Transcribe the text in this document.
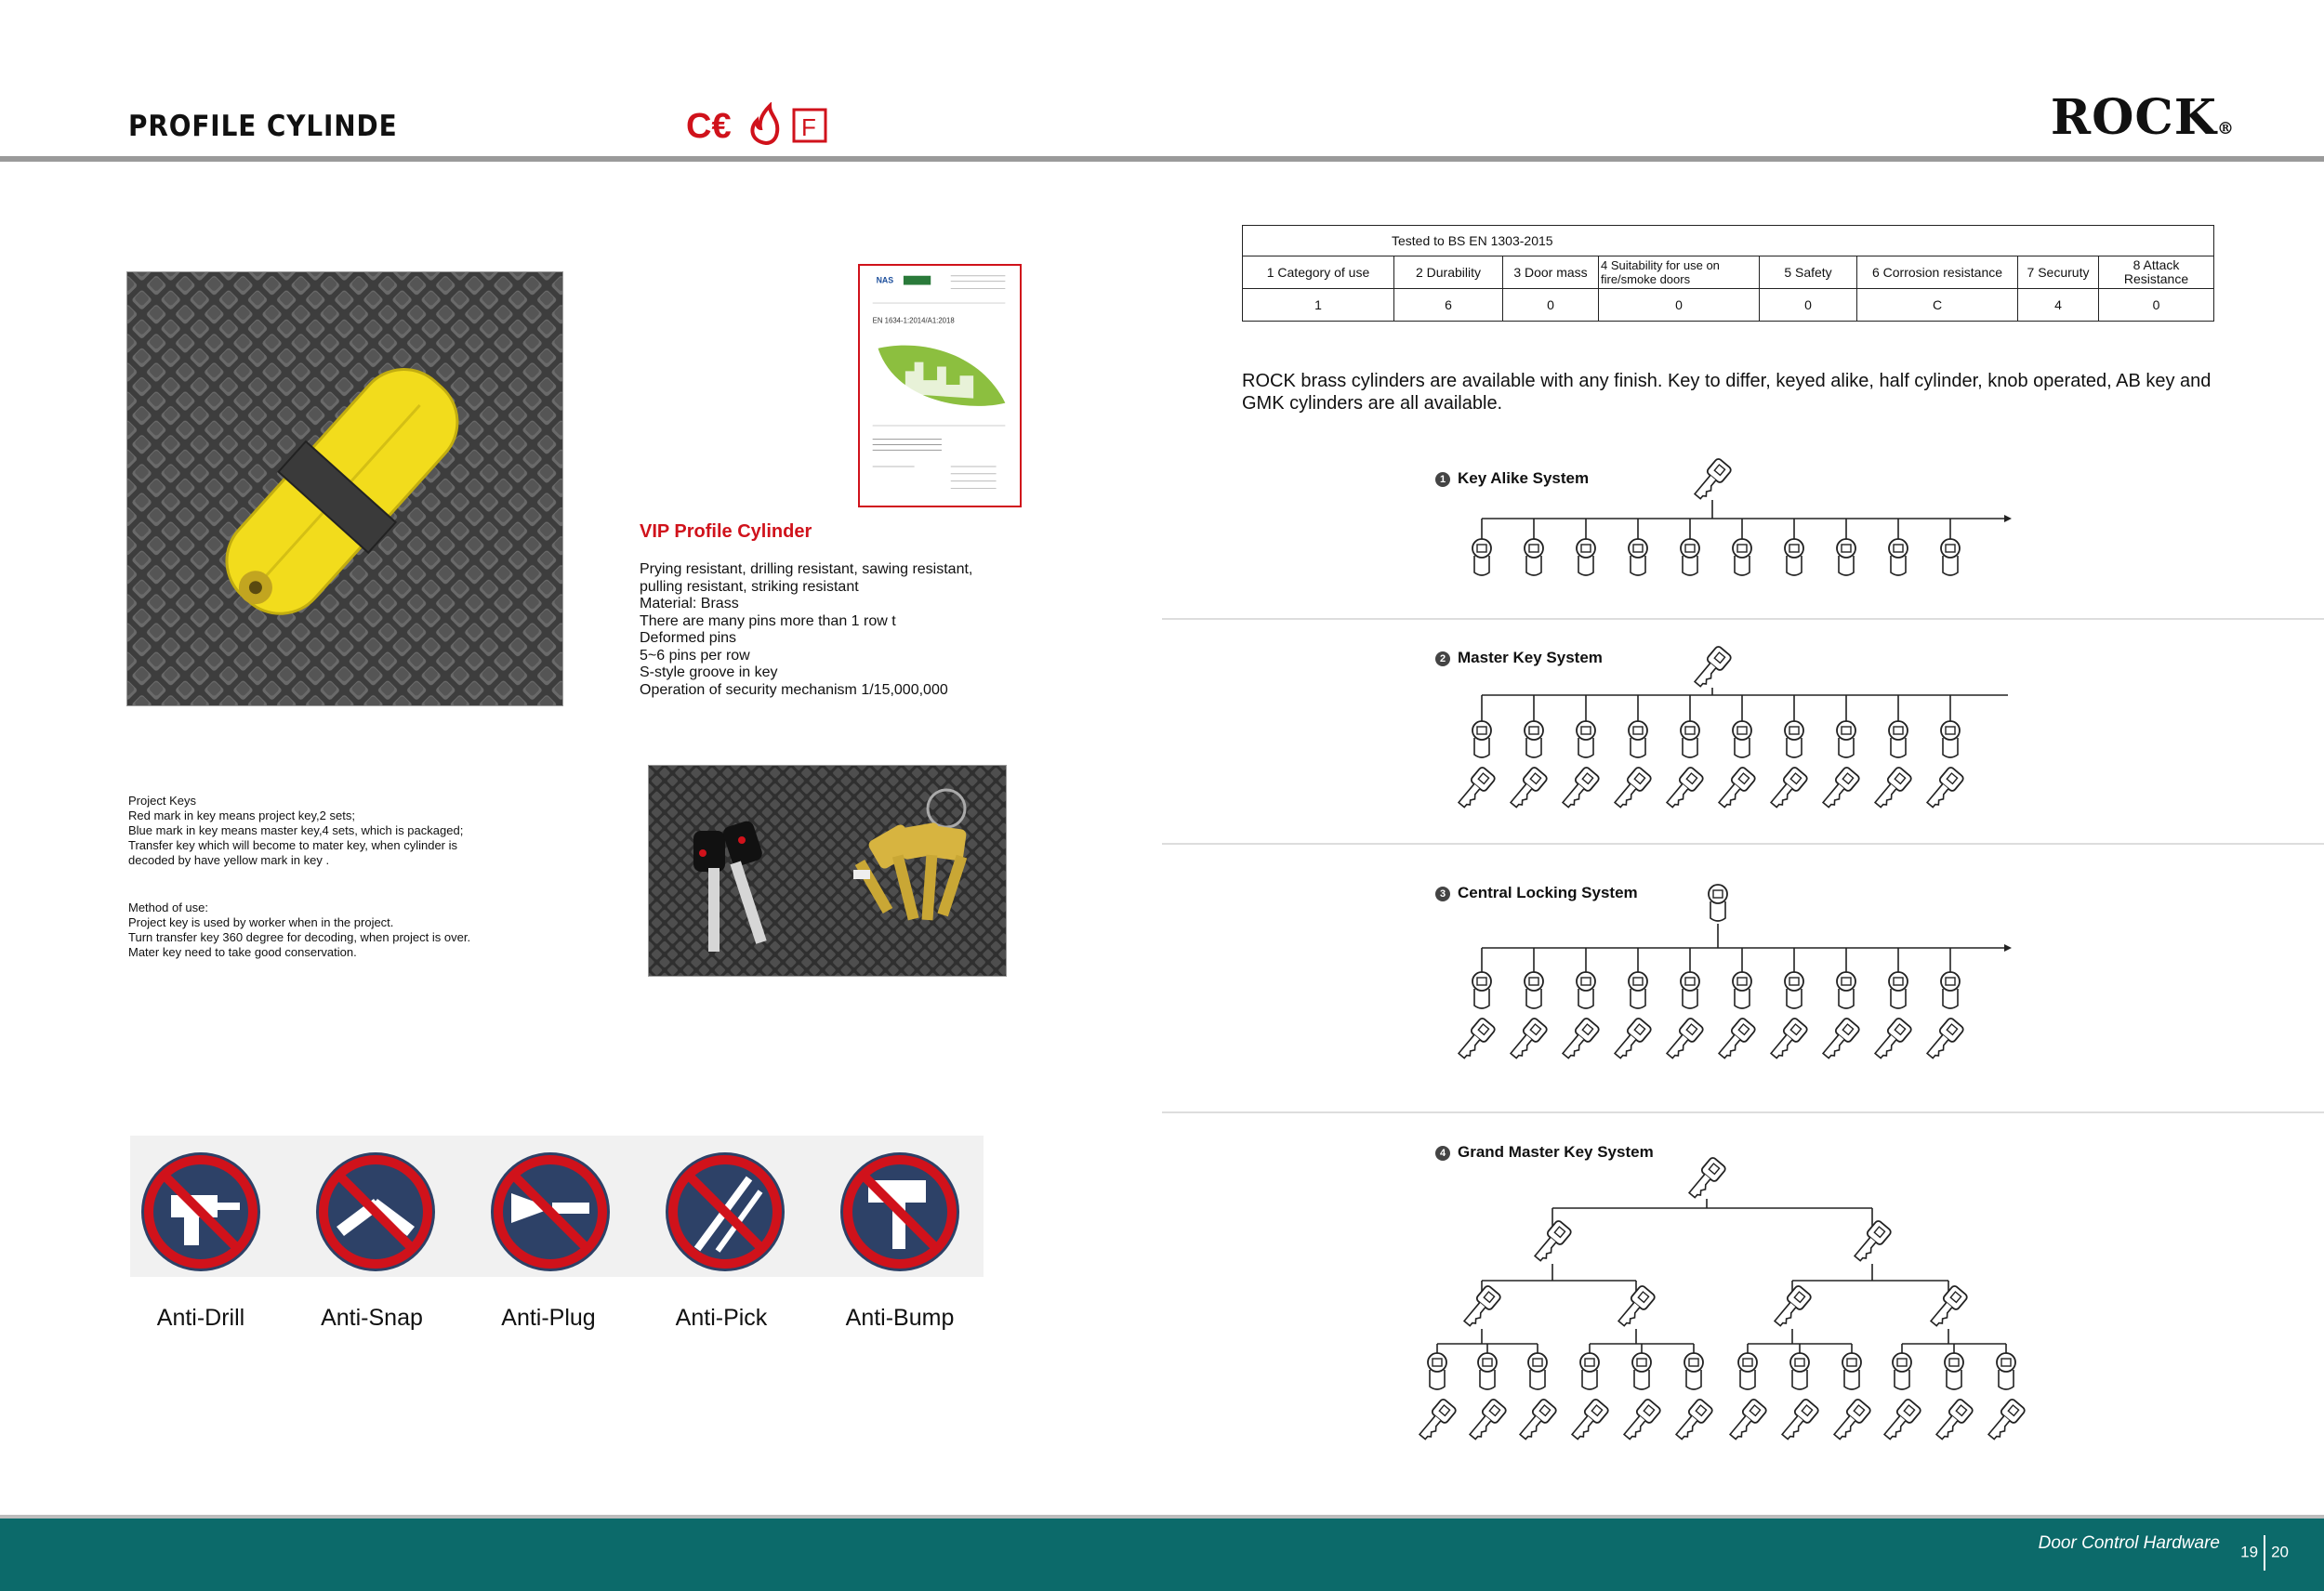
PROFILE CYLINDE	C€	F	ROCK®
NAS
EN 1634-1:2014/A1:2018
VIP Profile Cylinder
Prying resistant, drilling resistant, sawing resistant,
pulling resistant, striking resistant
Material: Brass
There are many pins more than 1 row t
Deformed pins
5~6 pins per row
S-style groove in key
Operation of security mechanism 1/15,000,000
Project Keys
Red mark in key means project key,2 sets;
Blue mark in key means master key,4 sets, which is packaged;
Transfer key which will become to mater key, when cylinder is
decoded by have yellow mark in key .
Method of use:
Project key is used by worker when in the project.
Turn transfer key 360 degree for decoding, when project is over.
Mater key need to take good conservation.
Anti-Drill	Anti-Snap	Anti-Plug	Anti-Pick	Anti-Bump
Tested to BS EN 1303-2015							
1 Category of use	2 Durability	3 Door mass	4 Suitability for use on fire/smoke doors	5 Safety	6 Corrosion resistance	7 Securuty	8 Attack Resistance
1	6	0	0	0	C	4	0
ROCK brass cylinders are available with any finish. Key to differ, keyed alike, half cylinder, knob operated, AB key and GMK cylinders are all available.
1 Key Alike System
2 Master Key System
3 Central Locking System
4 Grand Master Key System
Door Control Hardware 19 20
